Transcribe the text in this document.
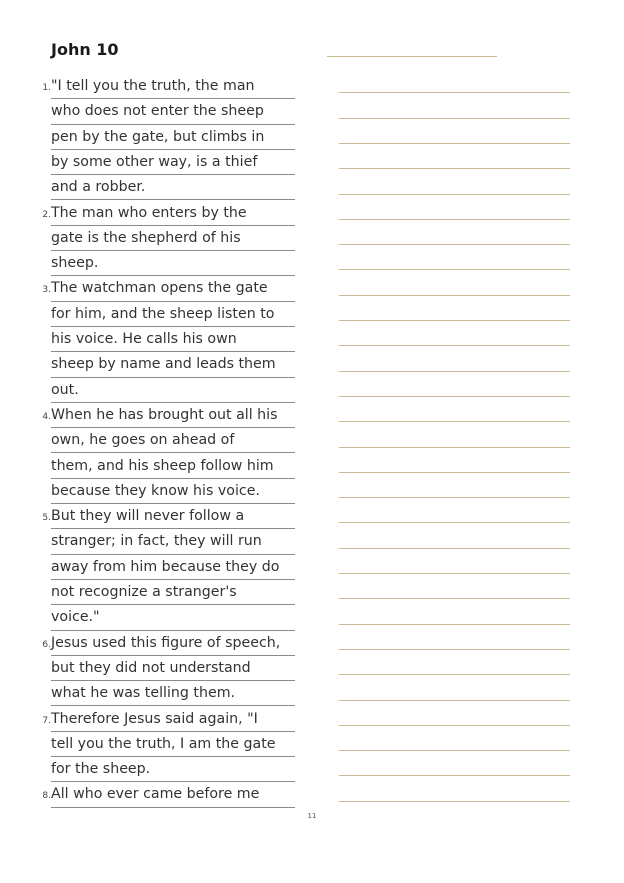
John 10
1. "I tell you the truth, the man
who does not enter the sheep
pen by the gate, but climbs in
by some other way, is a thief
and a robber.
2. The man who enters by the
gate is the shepherd of his
sheep.
3. The watchman opens the gate
for him, and the sheep listen to
his voice. He calls his own
sheep by name and leads them
out.
4. When he has brought out all his
own, he goes on ahead of
them, and his sheep follow him
because they know his voice.
5. But they will never follow a
stranger; in fact, they will run
away from him because they do
not recognize a stranger's
voice."
6. Jesus used this figure of speech,
but they did not understand
what he was telling them.
7. Therefore Jesus said again, "I
tell you the truth, I am the gate
for the sheep.
8. All who ever came before me
11
